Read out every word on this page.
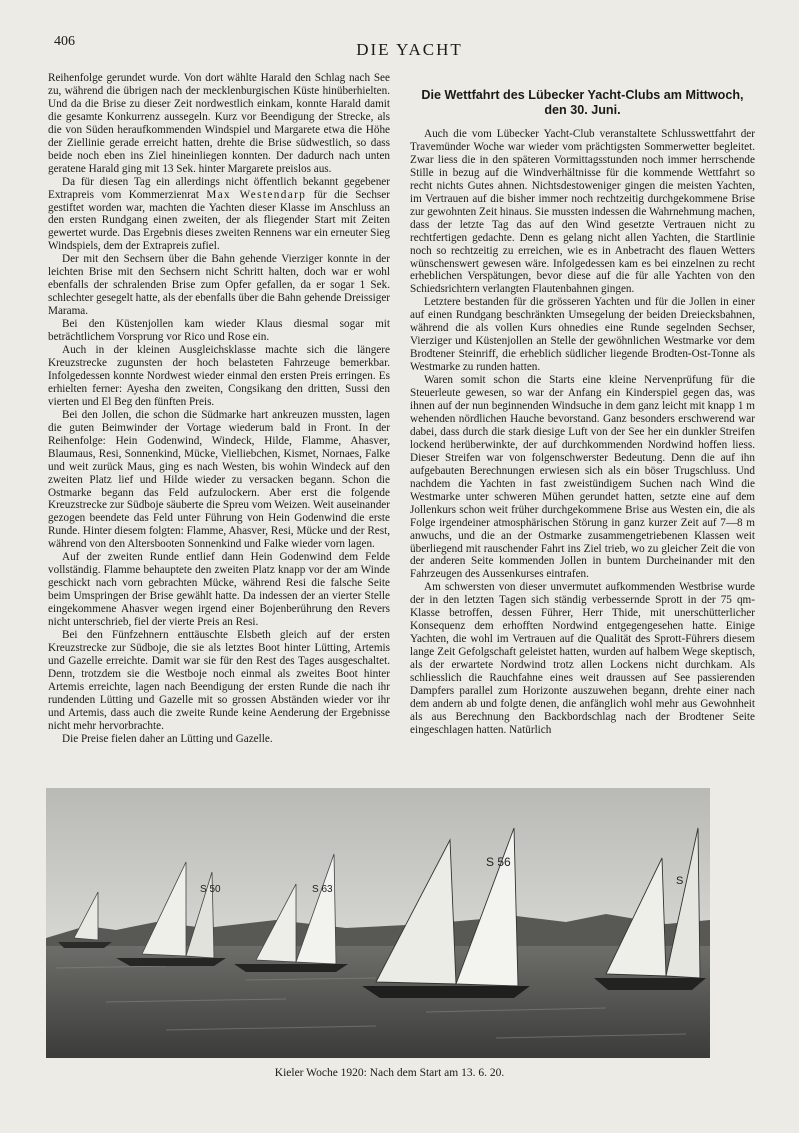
406	DIE YACHT

Reihenfolge gerundet wurde. Von dort wählte Harald den Schlag nach See zu, während die übrigen nach der mecklenburgischen Küste hinüberhielten. Und da die Brise zu dieser Zeit nordwestlich einkam, konnte Harald damit die gesamte Konkurrenz aussegeln. Kurz vor Beendigung der Strecke, als die von Süden heraufkommenden Windspiel und Margarete etwa die Höhe der Ziellinie gerade erreicht hatten, drehte die Brise südwestlich, so dass beide noch eben ins Ziel hineinliegen konnten. Der dadurch nach unten geratene Harald ging mit 13 Sek. hinter Margarete preislos aus.

Da für diesen Tag ein allerdings nicht öffentlich bekannt gegebener Extrapreis vom Kommerzienrat Max Westendarp für die Sechser gestiftet worden war, machten die Yachten dieser Klasse im Anschluss an den ersten Rundgang einen zweiten, der als fliegender Start mit Zeiten gewertet wurde. Das Ergebnis dieses zweiten Rennens war ein erneuter Sieg Windspiels, dem der Extrapreis zufiel.

Der mit den Sechsern über die Bahn gehende Vierziger konnte in der leichten Brise mit den Sechsern nicht Schritt halten, doch war er wohl ebenfalls der schralenden Brise zum Opfer gefallen, da er sogar 1 Sek. schlechter gesegelt hatte, als der ebenfalls über die Bahn gehende Dreissiger Marama.

Bei den Küstenjollen kam wieder Klaus diesmal sogar mit beträchtlichem Vorsprung vor Rico und Rose ein.

Auch in der kleinen Ausgleichsklasse machte sich die längere Kreuzstrecke zugunsten der hoch belasteten Fahrzeuge bemerkbar. Infolgedessen konnte Nordwest wieder einmal den ersten Preis erringen. Es erhielten ferner: Ayesha den zweiten, Congsikang den dritten, Sussi den vierten und El Beg den fünften Preis.

Bei den Jollen, die schon die Südmarke hart ankreuzen mussten, lagen die guten Beimwinder der Vortage wiederum bald in Front. In der Reihenfolge: Hein Godenwind, Windeck, Hilde, Flamme, Ahasver, Blaumaus, Resi, Sonnenkind, Mücke, Vielliebchen, Kismet, Nornaes, Falke und weit zurück Maus, ging es nach Westen, bis wohin Windeck auf den zweiten Platz lief und Hilde wieder zu versacken begann. Schon die Ostmarke begann das Feld aufzulockern. Aber erst die folgende Kreuzstrecke zur Südboje säuberte die Spreu vom Weizen. Weit auseinander gezogen beendete das Feld unter Führung von Hein Godenwind die erste Runde. Hinter diesem folgten: Flamme, Ahasver, Resi, Mücke und der Rest, während von den Altersbooten Sonnenkind und Falke wieder vorn lagen.

Auf der zweiten Runde entlief dann Hein Godenwind dem Felde vollständig. Flamme behauptete den zweiten Platz knapp vor der am Winde geschickt nach vorn gebrachten Mücke, während Resi die falsche Seite beim Umspringen der Brise gewählt hatte. Da indessen der an vierter Stelle eingekommene Ahasver wegen irgend einer Bojenberührung den Revers nicht unterschrieb, fiel der vierte Preis an Resi.

Bei den Fünfzehnern enttäuschte Elsbeth gleich auf der ersten Kreuzstrecke zur Südboje, die sie als letztes Boot hinter Lütting, Artemis und Gazelle erreichte. Damit war sie für den Rest des Tages ausgeschaltet. Denn, trotzdem sie die Westboje noch einmal als zweites Boot hinter Artemis erreichte, lagen nach Beendigung der ersten Runde die nach ihr rundenden Lütting und Gazelle mit so grossen Abständen wieder vor ihr und Artemis, dass auch die zweite Runde keine Aenderung der Ergebnisse nicht mehr hervorbrachte.

Die Preise fielen daher an Lütting und Gazelle.

Die Wettfahrt des Lübecker Yacht-Clubs am Mittwoch, den 30. Juni.

Auch die vom Lübecker Yacht-Club veranstaltete Schlusswettfahrt der Travemünder Woche war wieder vom prächtigsten Sommerwetter begleitet. Zwar liess die in den späteren Vormittagsstunden noch immer herrschende Stille in bezug auf die Windverhältnisse für die kommende Wettfahrt so recht nichts Gutes ahnen. Nichtsdestoweniger gingen die meisten Yachten, im Vertrauen auf die bisher immer noch rechtzeitig durchgekommene Brise zur gewohnten Zeit hinaus. Sie mussten indessen die Wahrnehmung machen, dass der letzte Tag das auf den Wind gesetzte Vertrauen nicht zu rechtfertigen gedachte. Denn es gelang nicht allen Yachten, die Startlinie noch so rechtzeitig zu erreichen, wie es in Anbetracht des flauen Wetters wünschenswert gewesen wäre. Infolgedessen kam es bei einzelnen zu recht erheblichen Verspätungen, bevor diese auf die für alle Yachten von den Schiedsrichtern verlangten Flautenbahnen gingen.

Letztere bestanden für die grösseren Yachten und für die Jollen in einer auf einen Rundgang beschränkten Umsegelung der beiden Dreiecksbahnen, während die als vollen Kurs ohnedies eine Runde segelnden Sechser, Vierziger und Küstenjollen an Stelle der gewöhnlichen Westmarke vor dem Brodtener Steinriff, die erheblich südlicher liegende Brodten-Ost-Tonne als Westmarke zu runden hatten.

Waren somit schon die Starts eine kleine Nervenprüfung für die Steuerleute gewesen, so war der Anfang ein Kinderspiel gegen das, was ihnen auf der nun beginnenden Windsuche in dem ganz leicht mit knapp 1 m wehenden nördlichen Hauche bevorstand. Ganz besonders erschwerend war dabei, dass durch die stark diesige Luft von der See her ein dunkler Streifen lockend herüberwinkte, der auf durchkommenden Nordwind hoffen liess. Dieser Streifen war von folgenschwerster Bedeutung. Denn die auf ihn aufgebauten Berechnungen erwiesen sich als ein böser Trugschluss. Und nachdem die Yachten in fast zweistündigem Suchen nach Wind die Westmarke unter schweren Mühen gerundet hatten, setzte eine auf dem Jollenkurs schon weit früher durchgekommene Brise aus Westen ein, die als Folge irgendeiner atmosphärischen Störung in ganz kurzer Zeit auf 7—8 m anwuchs, und die an der Ostmarke zusammengetriebenen Klassen weit überliegend mit rauschender Fahrt ins Ziel trieb, wo zu gleicher Zeit die von der anderen Seite kommenden Jollen in buntem Durcheinander mit den Fahrzeugen des Aussenkurses eintrafen.

Am schwersten von dieser unvermutet aufkommenden Westbrise wurde der in den letzten Tagen sich ständig verbessernde Sprott in der 75 qm-Klasse betroffen, dessen Führer, Herr Thide, mit unerschütterlicher Konsequenz dem erhofften Nordwind entgegengesehen hatte. Einige Yachten, die wohl im Vertrauen auf die Qualität des Sprott-Führers diesem lange Zeit Gefolgschaft geleistet hatten, wurden auf halbem Wege skeptisch, als der erwartete Nordwind trotz allen Lockens nicht durchkam. Als schliesslich die Rauchfahne eines weit draussen auf See passierenden Dampfers parallel zum Horizonte auszuwehen begann, drehte einer nach dem andern ab und folgte denen, die anfänglich wohl mehr aus Gewohnheit als aus Berechnung den Backbordschlag nach der Brodtener Seite eingeschlagen hatten. Natürlich

S 50	S 63
S 56
S
Kieler Woche 1920: Nach dem Start am 13. 6. 20.
